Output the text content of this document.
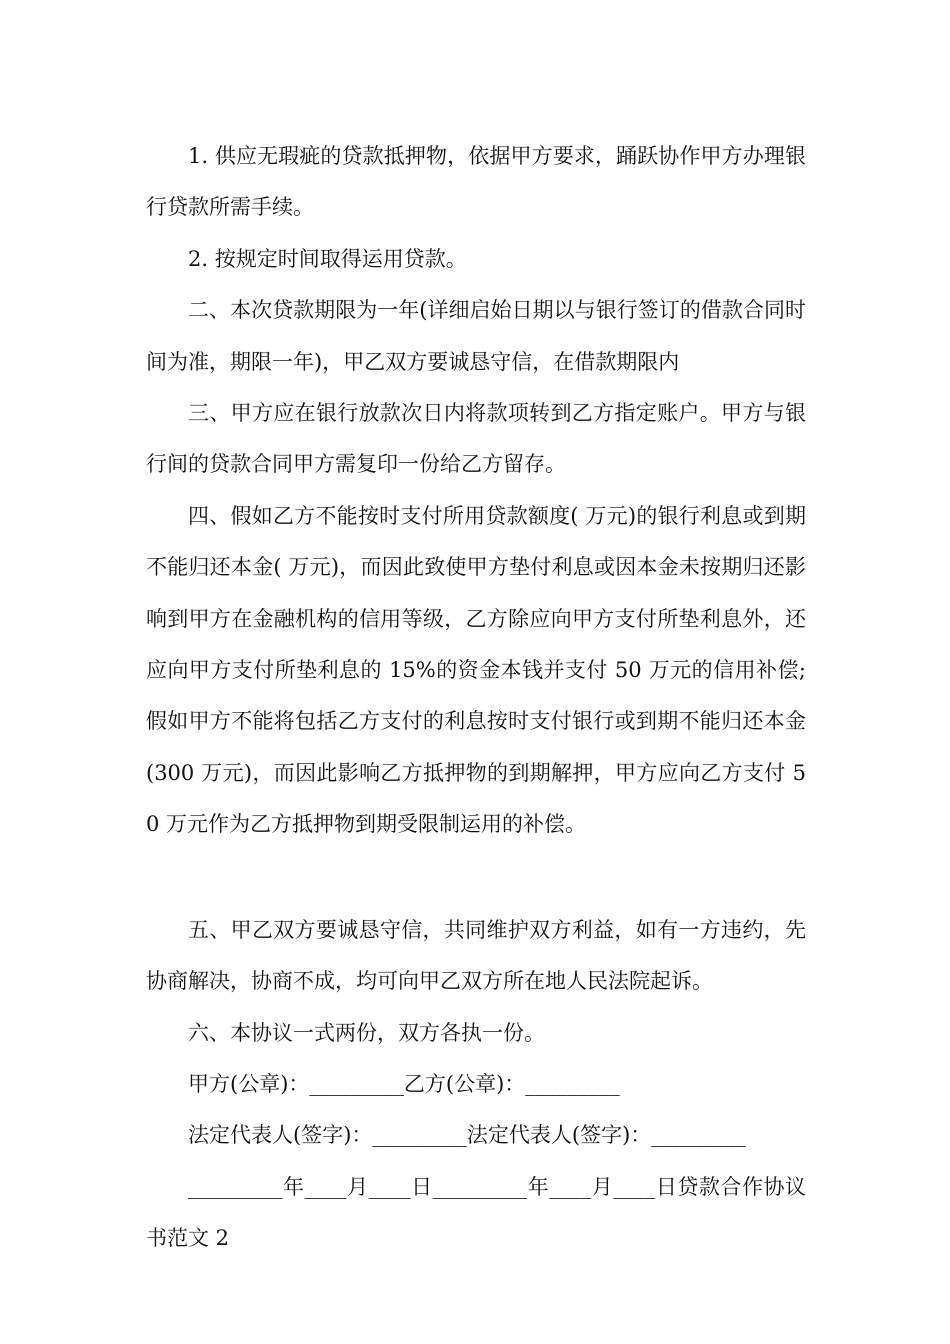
1. 供应无瑕疵的贷款抵押物，依据甲方要求，踊跃协作甲方办理银行贷款所需手续。

2. 按规定时间取得运用贷款。

二、本次贷款期限为一年(详细启始日期以与银行签订的借款合同时间为准，期限一年)，甲乙双方要诚恳守信，在借款期限内

三、甲方应在银行放款次日内将款项转到乙方指定账户。甲方与银行间的贷款合同甲方需复印一份给乙方留存。

四、假如乙方不能按时支付所用贷款额度( 万元)的银行利息或到期不能归还本金( 万元)，而因此致使甲方垫付利息或因本金未按期归还影响到甲方在金融机构的信用等级，乙方除应向甲方支付所垫利息外，还应向甲方支付所垫利息的 15%的资金本钱并支付 50 万元的信用补偿;假如甲方不能将包括乙方支付的利息按时支付银行或到期不能归还本金(300 万元)，而因此影响乙方抵押物的到期解押，甲方应向乙方支付 50 万元作为乙方抵押物到期受限制运用的补偿。

五、甲乙双方要诚恳守信，共同维护双方利益，如有一方违约，先协商解决，协商不成，均可向甲乙双方所在地人民法院起诉。

六、本协议一式两份，双方各执一份。

甲方(公章)：_________乙方(公章)：_________

法定代表人(签字)：_________法定代表人(签字)：_________

_________年____月____日_________年____月____日贷款合作协议书范文 2
